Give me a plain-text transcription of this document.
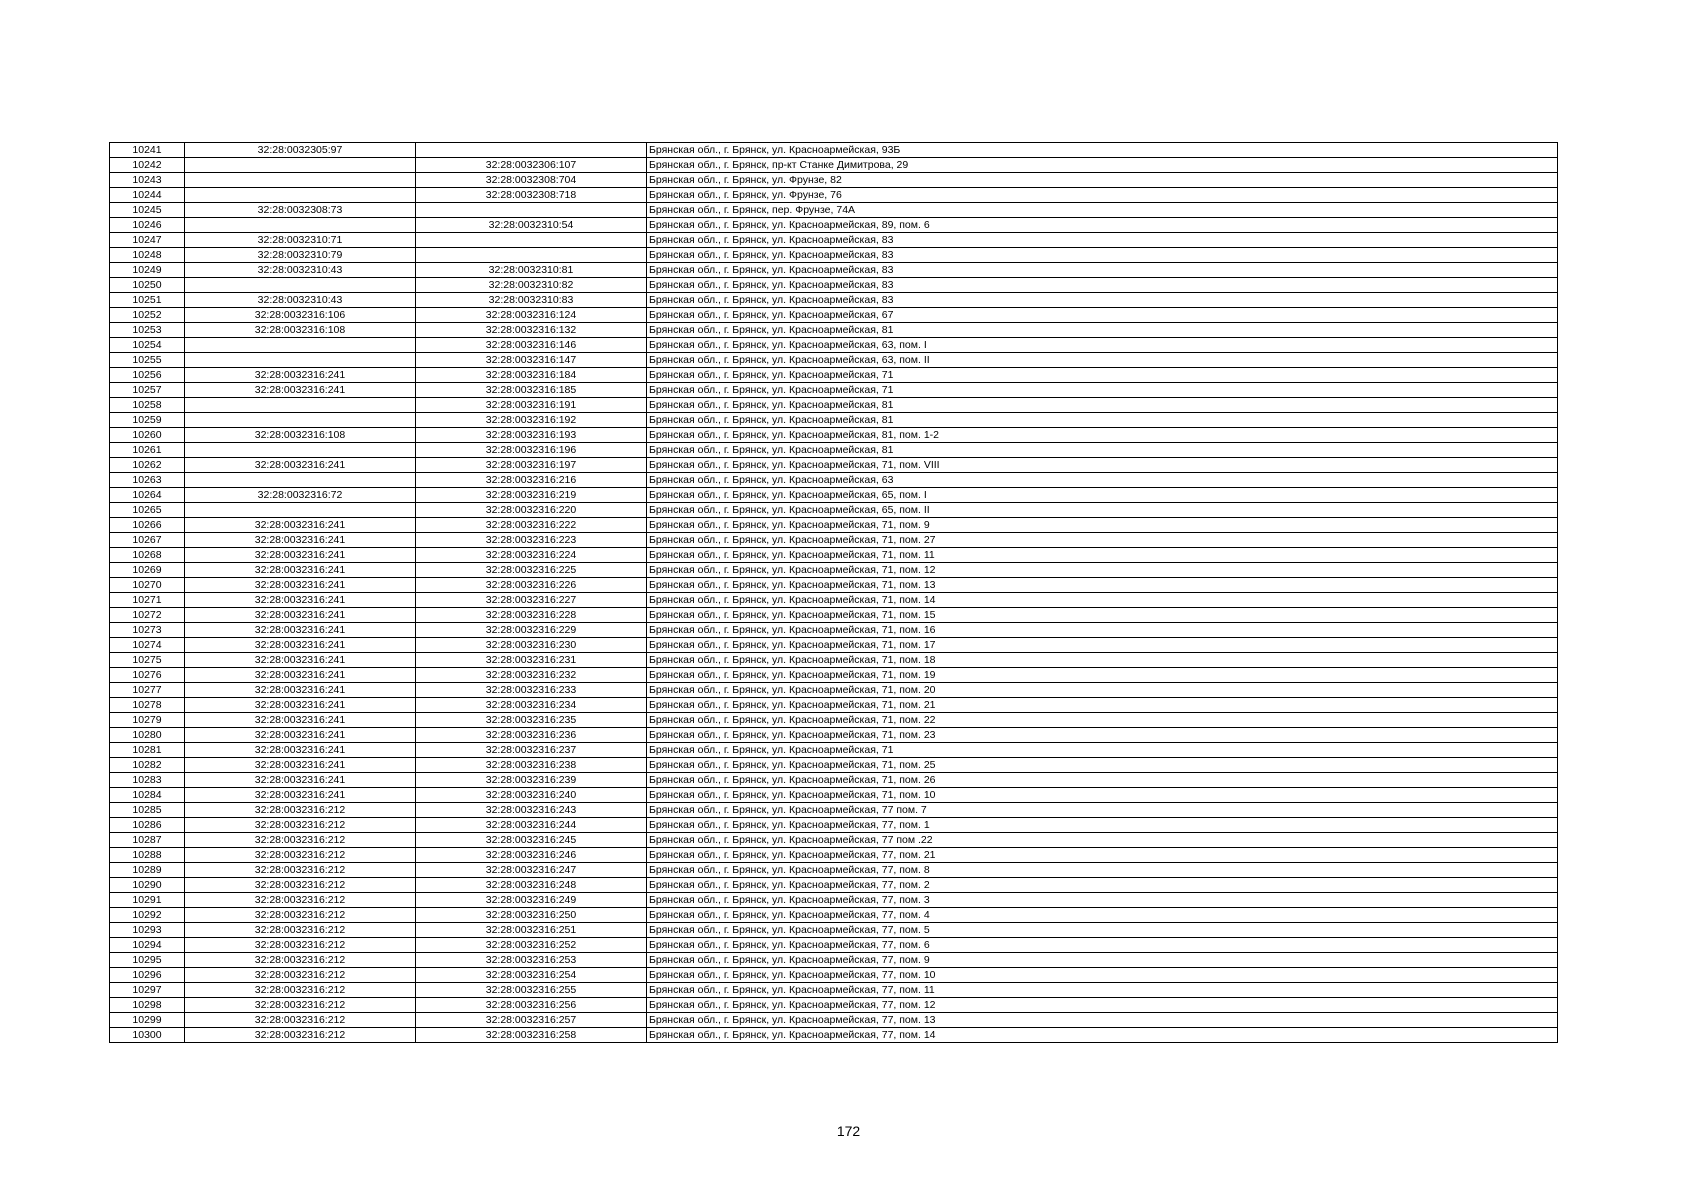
10241	32:28:0032305:97		Брянская обл., г. Брянск, ул. Красноармейская, 93Б
10242		32:28:0032306:107	Брянская обл., г. Брянск, пр-кт Станке Димитрова, 29
10243		32:28:0032308:704	Брянская обл., г. Брянск, ул. Фрунзе, 82
10244		32:28:0032308:718	Брянская обл., г. Брянск, ул. Фрунзе, 76
10245	32:28:0032308:73		Брянская обл., г. Брянск, пер. Фрунзе, 74А
10246		32:28:0032310:54	Брянская обл., г. Брянск, ул. Красноармейская, 89, пом. 6
10247	32:28:0032310:71		Брянская обл., г. Брянск, ул. Красноармейская, 83
10248	32:28:0032310:79		Брянская обл., г. Брянск, ул. Красноармейская, 83
10249	32:28:0032310:43	32:28:0032310:81	Брянская обл., г. Брянск, ул. Красноармейская, 83
10250		32:28:0032310:82	Брянская обл., г. Брянск, ул. Красноармейская, 83
10251	32:28:0032310:43	32:28:0032310:83	Брянская обл., г. Брянск, ул. Красноармейская, 83
10252	32:28:0032316:106	32:28:0032316:124	Брянская обл., г. Брянск, ул. Красноармейская, 67
10253	32:28:0032316:108	32:28:0032316:132	Брянская обл., г. Брянск, ул. Красноармейская, 81
10254		32:28:0032316:146	Брянская обл., г. Брянск, ул. Красноармейская, 63, пом. I
10255		32:28:0032316:147	Брянская обл., г. Брянск, ул. Красноармейская, 63, пом. II
10256	32:28:0032316:241	32:28:0032316:184	Брянская обл., г. Брянск, ул. Красноармейская, 71
10257	32:28:0032316:241	32:28:0032316:185	Брянская обл., г. Брянск, ул. Красноармейская, 71
10258		32:28:0032316:191	Брянская обл., г. Брянск, ул. Красноармейская, 81
10259		32:28:0032316:192	Брянская обл., г. Брянск, ул. Красноармейская, 81
10260	32:28:0032316:108	32:28:0032316:193	Брянская обл., г. Брянск, ул. Красноармейская, 81, пом. 1-2
10261		32:28:0032316:196	Брянская обл., г. Брянск, ул. Красноармейская, 81
10262	32:28:0032316:241	32:28:0032316:197	Брянская обл., г. Брянск, ул. Красноармейская, 71, пом. VIII
10263		32:28:0032316:216	Брянская обл., г. Брянск, ул. Красноармейская, 63
10264	32:28:0032316:72	32:28:0032316:219	Брянская обл., г. Брянск, ул. Красноармейская, 65, пом. I
10265		32:28:0032316:220	Брянская обл., г. Брянск, ул. Красноармейская, 65, пом. II
10266	32:28:0032316:241	32:28:0032316:222	Брянская обл., г. Брянск, ул. Красноармейская, 71, пом. 9
10267	32:28:0032316:241	32:28:0032316:223	Брянская обл., г. Брянск, ул. Красноармейская, 71, пом. 27
10268	32:28:0032316:241	32:28:0032316:224	Брянская обл., г. Брянск, ул. Красноармейская, 71, пом. 11
10269	32:28:0032316:241	32:28:0032316:225	Брянская обл., г. Брянск, ул. Красноармейская, 71, пом. 12
10270	32:28:0032316:241	32:28:0032316:226	Брянская обл., г. Брянск, ул. Красноармейская, 71, пом. 13
10271	32:28:0032316:241	32:28:0032316:227	Брянская обл., г. Брянск, ул. Красноармейская, 71, пом. 14
10272	32:28:0032316:241	32:28:0032316:228	Брянская обл., г. Брянск, ул. Красноармейская, 71, пом. 15
10273	32:28:0032316:241	32:28:0032316:229	Брянская обл., г. Брянск, ул. Красноармейская, 71, пом. 16
10274	32:28:0032316:241	32:28:0032316:230	Брянская обл., г. Брянск, ул. Красноармейская, 71, пом. 17
10275	32:28:0032316:241	32:28:0032316:231	Брянская обл., г. Брянск, ул. Красноармейская, 71, пом. 18
10276	32:28:0032316:241	32:28:0032316:232	Брянская обл., г. Брянск, ул. Красноармейская, 71, пом. 19
10277	32:28:0032316:241	32:28:0032316:233	Брянская обл., г. Брянск, ул. Красноармейская, 71, пом. 20
10278	32:28:0032316:241	32:28:0032316:234	Брянская обл., г. Брянск, ул. Красноармейская, 71, пом. 21
10279	32:28:0032316:241	32:28:0032316:235	Брянская обл., г. Брянск, ул. Красноармейская, 71, пом. 22
10280	32:28:0032316:241	32:28:0032316:236	Брянская обл., г. Брянск, ул. Красноармейская, 71, пом. 23
10281	32:28:0032316:241	32:28:0032316:237	Брянская обл., г. Брянск, ул. Красноармейская, 71
10282	32:28:0032316:241	32:28:0032316:238	Брянская обл., г. Брянск, ул. Красноармейская, 71, пом. 25
10283	32:28:0032316:241	32:28:0032316:239	Брянская обл., г. Брянск, ул. Красноармейская, 71, пом. 26
10284	32:28:0032316:241	32:28:0032316:240	Брянская обл., г. Брянск, ул. Красноармейская, 71, пом. 10
10285	32:28:0032316:212	32:28:0032316:243	Брянская обл., г. Брянск, ул. Красноармейская, 77 пом. 7
10286	32:28:0032316:212	32:28:0032316:244	Брянская обл., г. Брянск, ул. Красноармейская, 77, пом. 1
10287	32:28:0032316:212	32:28:0032316:245	Брянская обл., г. Брянск, ул. Красноармейская, 77 пом .22
10288	32:28:0032316:212	32:28:0032316:246	Брянская обл., г. Брянск, ул. Красноармейская, 77, пом. 21
10289	32:28:0032316:212	32:28:0032316:247	Брянская обл., г. Брянск, ул. Красноармейская, 77, пом. 8
10290	32:28:0032316:212	32:28:0032316:248	Брянская обл., г. Брянск, ул. Красноармейская, 77, пом. 2
10291	32:28:0032316:212	32:28:0032316:249	Брянская обл., г. Брянск, ул. Красноармейская, 77, пом. 3
10292	32:28:0032316:212	32:28:0032316:250	Брянская обл., г. Брянск, ул. Красноармейская, 77, пом. 4
10293	32:28:0032316:212	32:28:0032316:251	Брянская обл., г. Брянск, ул. Красноармейская, 77, пом. 5
10294	32:28:0032316:212	32:28:0032316:252	Брянская обл., г. Брянск, ул. Красноармейская, 77, пом. 6
10295	32:28:0032316:212	32:28:0032316:253	Брянская обл., г. Брянск, ул. Красноармейская, 77, пом. 9
10296	32:28:0032316:212	32:28:0032316:254	Брянская обл., г. Брянск, ул. Красноармейская, 77, пом. 10
10297	32:28:0032316:212	32:28:0032316:255	Брянская обл., г. Брянск, ул. Красноармейская, 77, пом. 11
10298	32:28:0032316:212	32:28:0032316:256	Брянская обл., г. Брянск, ул. Красноармейская, 77, пом. 12
10299	32:28:0032316:212	32:28:0032316:257	Брянская обл., г. Брянск, ул. Красноармейская, 77, пом. 13
10300	32:28:0032316:212	32:28:0032316:258	Брянская обл., г. Брянск, ул. Красноармейская, 77, пом. 14
172
